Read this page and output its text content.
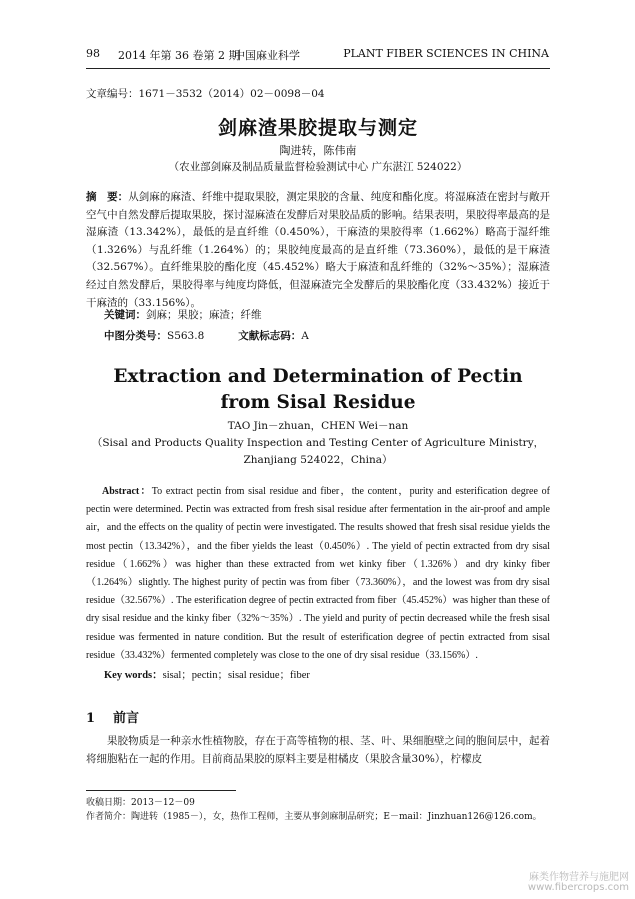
98 2014 年第 36 卷第 2 期
中国麻业科学	PLANT FIBER SCIENCES IN CHINA
文章编号：1671－3532（2014）02－0098－04
剑麻渣果胶提取与测定
陶进转，陈伟南
（农业部剑麻及制品质量监督检验测试中心 广东湛江 524022）

摘　要：从剑麻的麻渣、纤维中提取果胶，测定果胶的含量、纯度和酯化度。将湿麻渣在密封与敞开空气中自然发酵后提取果胶，探讨湿麻渣在发酵后对果胶品质的影响。结果表明，果胶得率最高的是湿麻渣（13.342%），最低的是直纤维（0.450%），干麻渣的果胶得率（1.662%）略高于湿纤维（1.326%）与乱纤维（1.264%）的；果胶纯度最高的是直纤维（73.360%），最低的是干麻渣（32.567%）。直纤维果胶的酯化度（45.452%）略大于麻渣和乱纤维的（32%～35%）；湿麻渣经过自然发酵后，果胶得率与纯度均降低，但湿麻渣完全发酵后的果胶酯化度（33.432%）接近于干麻渣的（33.156%）。

关键词：剑麻；果胶；麻渣；纤维
中图分类号：S563.8	文献标志码：A
Extraction and Determination of Pectin
from Sisal Residue
TAO Jin－zhuan，CHEN Wei－nan
（Sisal and Products Quality Inspection and Testing Center of Agriculture Ministry，
Zhanjiang 524022，China）

Abstract：To extract pectin from sisal residue and fiber，the content，purity and esterification degree of pectin were determined. Pectin was extracted from fresh sisal residue after fermentation in the air-proof and ample air，and the effects on the quality of pectin were investigated. The results showed that fresh sisal residue yields the most pectin（13.342%），and the fiber yields the least（0.450%）. The yield of pectin extracted from dry sisal residue（1.662%）was higher than these extracted from wet kinky fiber（1.326%）and dry kinky fiber（1.264%）slightly. The highest purity of pectin was from fiber（73.360%），and the lowest was from dry sisal residue（32.567%）. The esterification degree of pectin extracted from fiber（45.452%）was higher than these of dry sisal residue and the kinky fiber（32%～35%）. The yield and purity of pectin decreased while the fresh sisal residue was fermented in nature condition. But the result of esterification degree of pectin extracted from sisal residue（33.432%）fermented completely was close to the one of dry sisal residue（33.156%）.

Key words：sisal；pectin；sisal residue；fiber
1 前言

果胶物质是一种亲水性植物胶，存在于高等植物的根、茎、叶、果细胞壁之间的胞间层中，起着将细胞粘在一起的作用。目前商品果胶的原料主要是柑橘皮（果胶含量30%），柠檬皮

收稿日期：2013－12－09
作者简介：陶进转（1985－），女，热作工程师，主要从事剑麻制品研究；E－mail：Jinzhuan126@126.com。
麻类作物营养与施肥网
www.fibercrops.com
